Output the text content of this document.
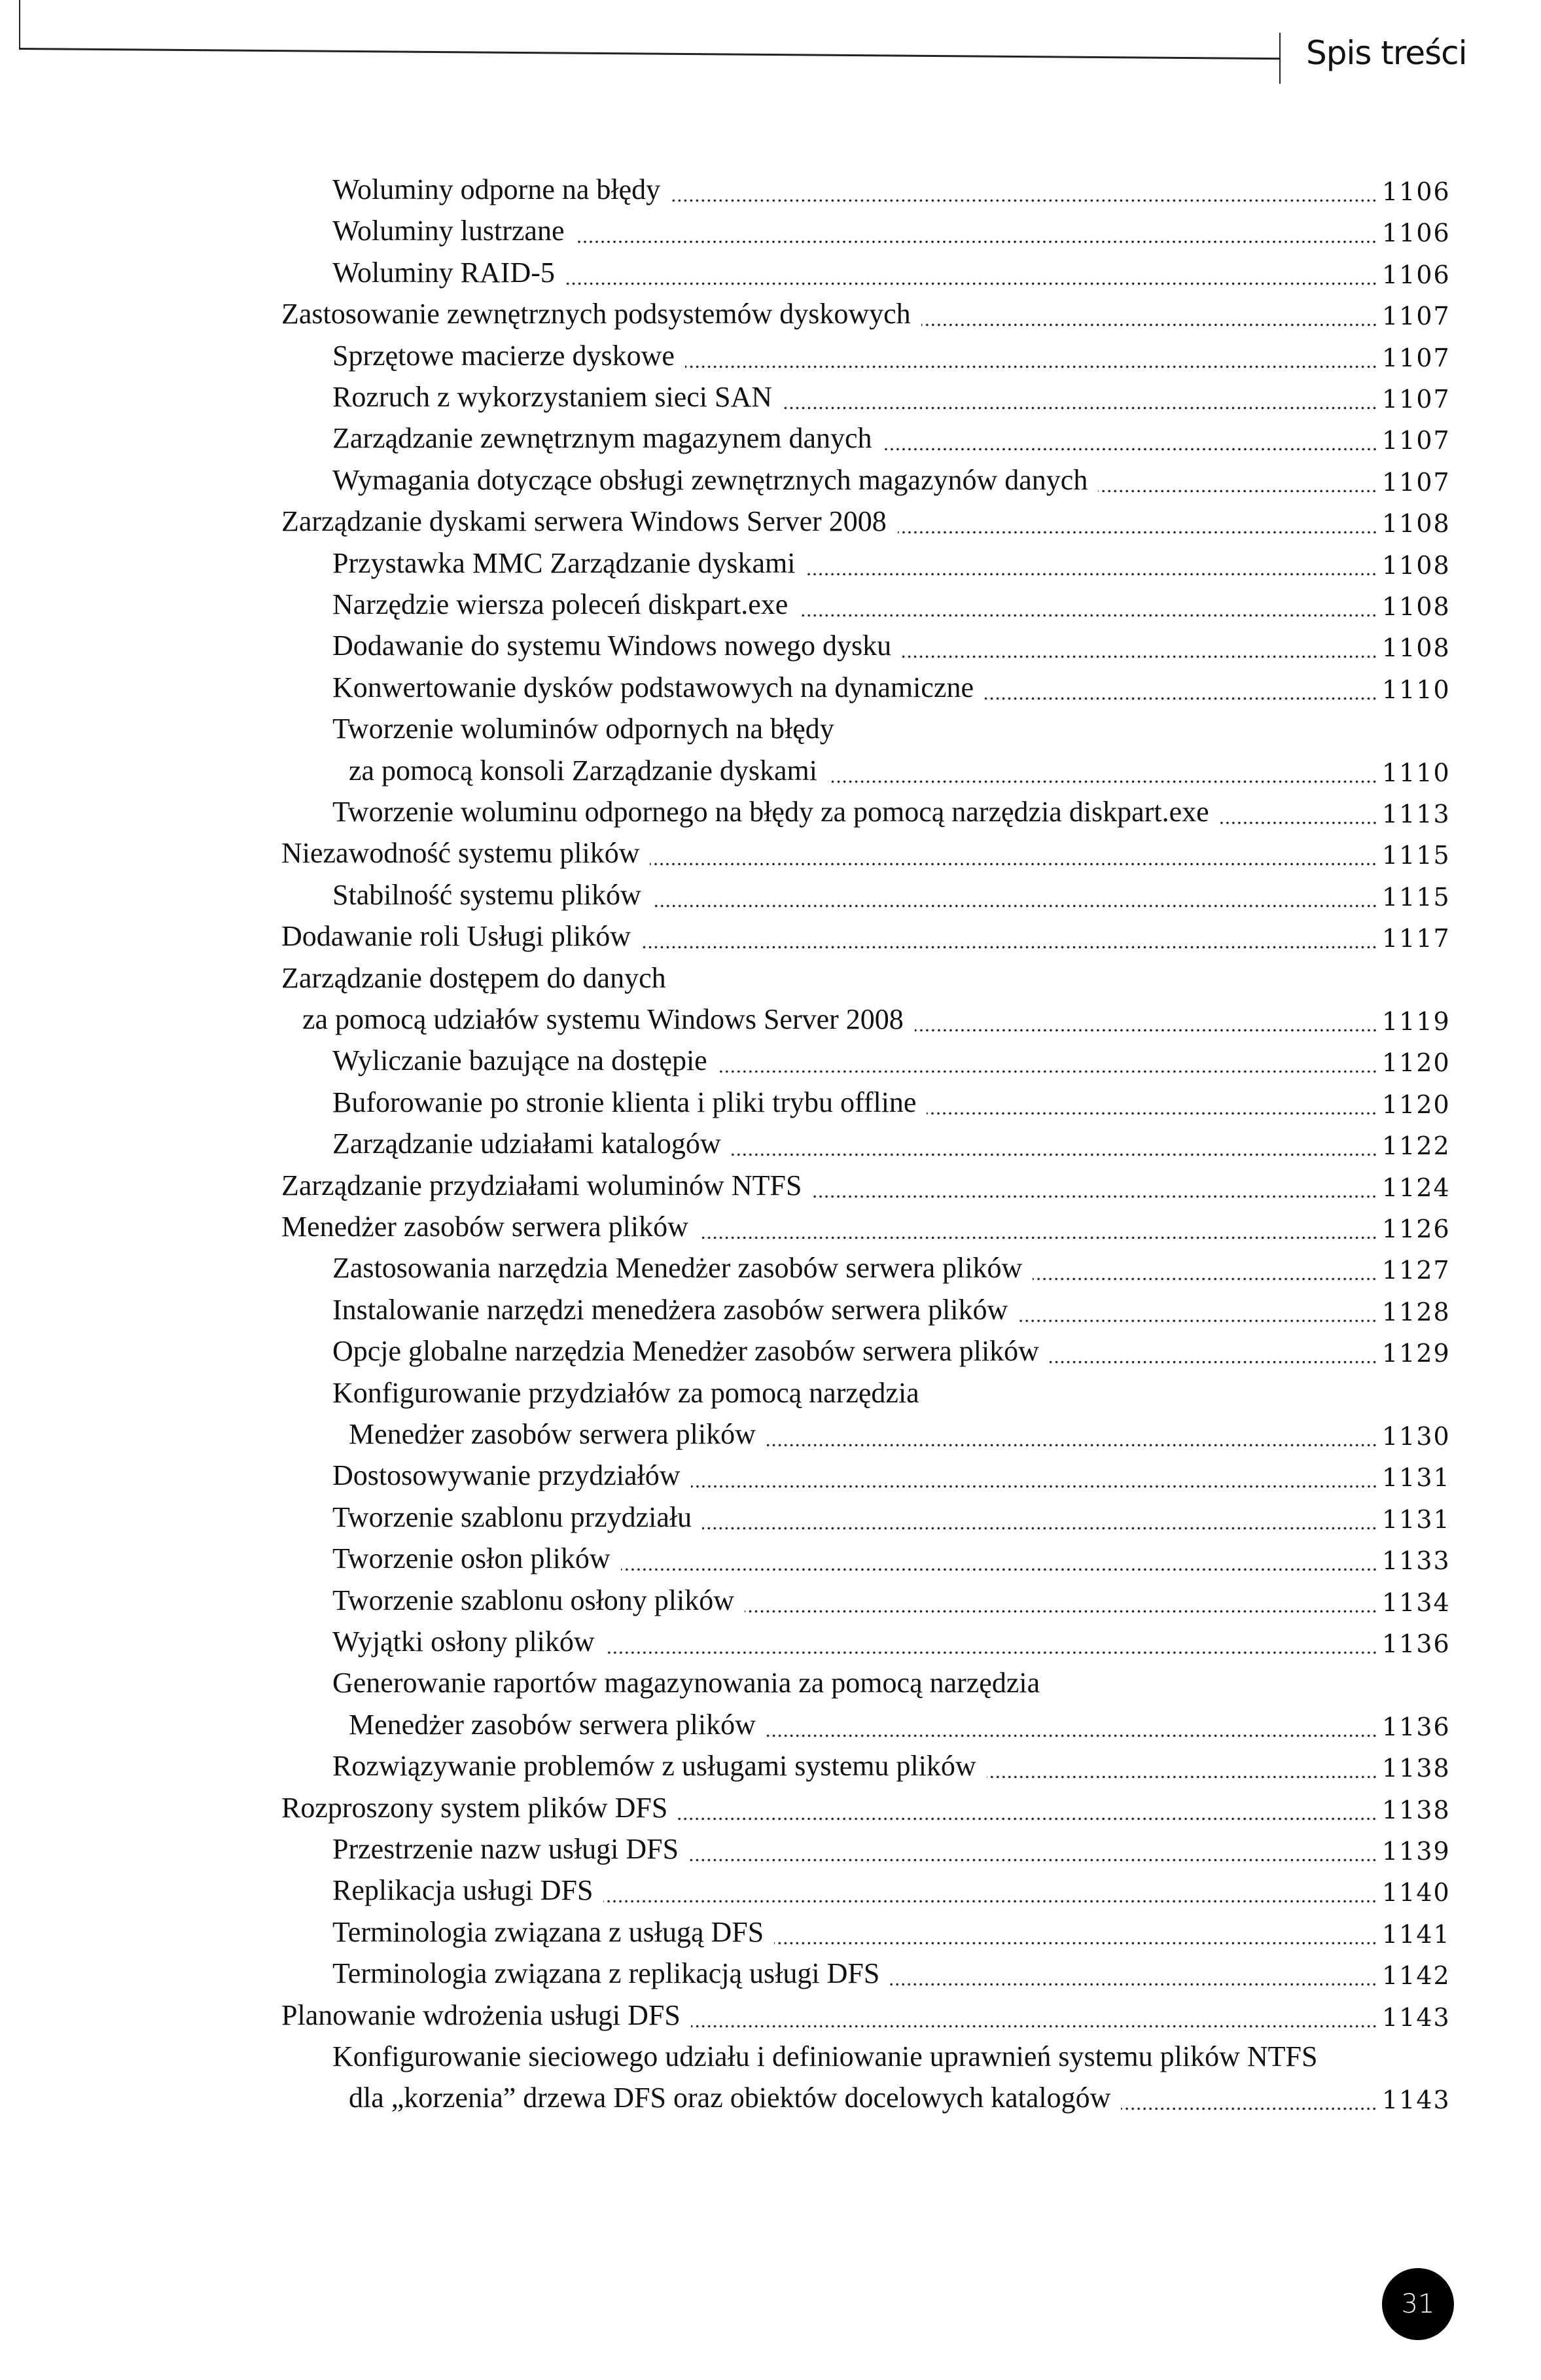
Spis treści
Woluminy odporne na błędy	1106
Woluminy lustrzane	1106
Woluminy RAID-5	1106
Zastosowanie zewnętrznych podsystemów dyskowych	1107
Sprzętowe macierze dyskowe	1107
Rozruch z wykorzystaniem sieci SAN	1107
Zarządzanie zewnętrznym magazynem danych	1107
Wymagania dotyczące obsługi zewnętrznych magazynów danych	1107
Zarządzanie dyskami serwera Windows Server 2008	1108
Przystawka MMC Zarządzanie dyskami	1108
Narzędzie wiersza poleceń diskpart.exe	1108
Dodawanie do systemu Windows nowego dysku	1108
Konwertowanie dysków podstawowych na dynamiczne	1110
Tworzenie woluminów odpornych na błędy
za pomocą konsoli Zarządzanie dyskami	1110
Tworzenie woluminu odpornego na błędy za pomocą narzędzia diskpart.exe	1113
Niezawodność systemu plików	1115
Stabilność systemu plików	1115
Dodawanie roli Usługi plików	1117
Zarządzanie dostępem do danych
za pomocą udziałów systemu Windows Server 2008	1119
Wyliczanie bazujące na dostępie	1120
Buforowanie po stronie klienta i pliki trybu offline	1120
Zarządzanie udziałami katalogów	1122
Zarządzanie przydziałami woluminów NTFS	1124
Menedżer zasobów serwera plików	1126
Zastosowania narzędzia Menedżer zasobów serwera plików	1127
Instalowanie narzędzi menedżera zasobów serwera plików	1128
Opcje globalne narzędzia Menedżer zasobów serwera plików	1129
Konfigurowanie przydziałów za pomocą narzędzia
Menedżer zasobów serwera plików	1130
Dostosowywanie przydziałów	1131
Tworzenie szablonu przydziału	1131
Tworzenie osłon plików	1133
Tworzenie szablonu osłony plików	1134
Wyjątki osłony plików	1136
Generowanie raportów magazynowania za pomocą narzędzia
Menedżer zasobów serwera plików	1136
Rozwiązywanie problemów z usługami systemu plików	1138
Rozproszony system plików DFS	1138
Przestrzenie nazw usługi DFS	1139
Replikacja usługi DFS	1140
Terminologia związana z usługą DFS	1141
Terminologia związana z replikacją usługi DFS	1142
Planowanie wdrożenia usługi DFS	1143
Konfigurowanie sieciowego udziału i definiowanie uprawnień systemu plików NTFS
dla „korzenia” drzewa DFS oraz obiektów docelowych katalogów	1143
31
